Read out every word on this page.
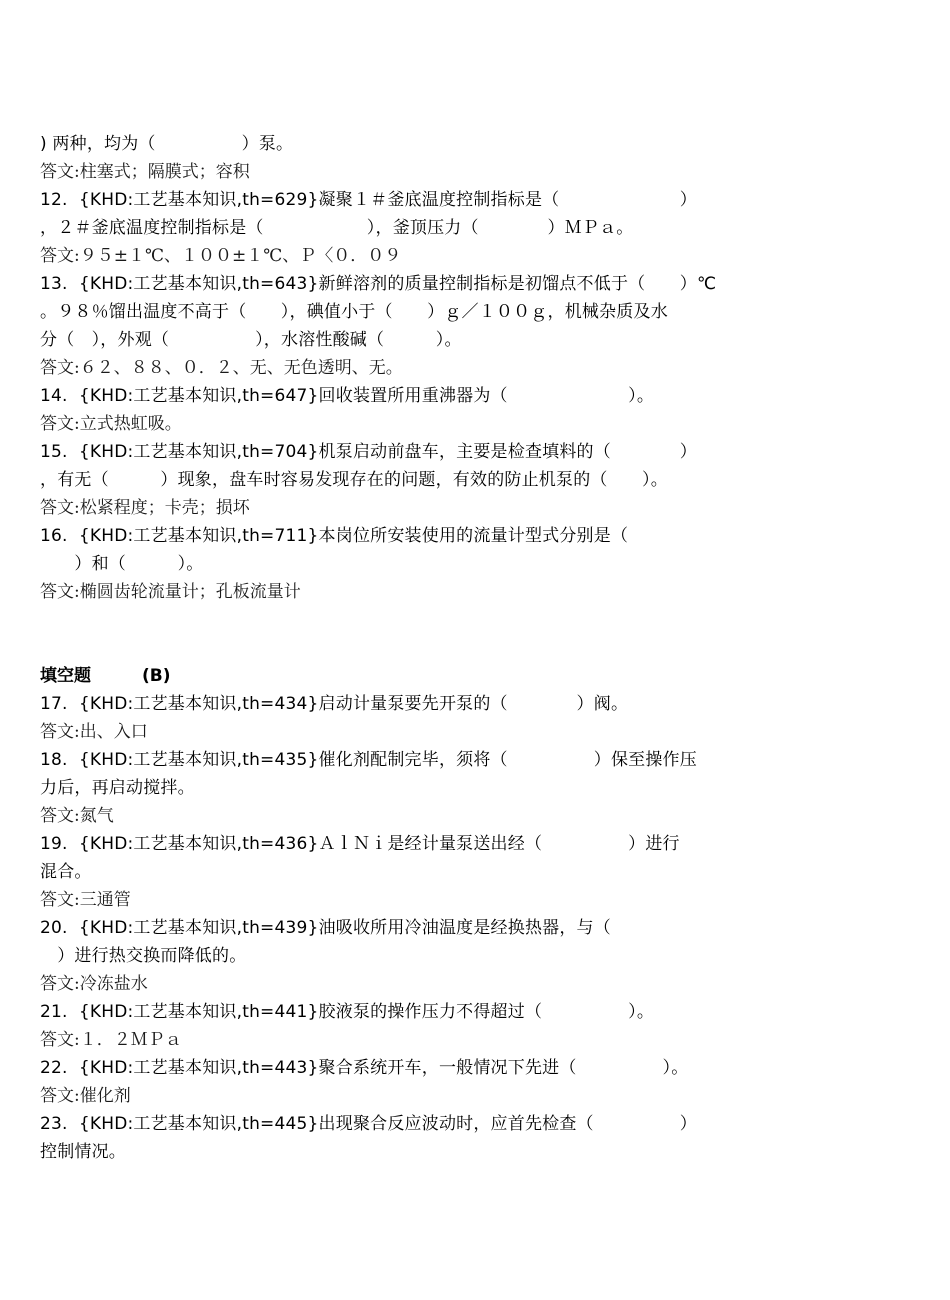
) 两种，均为（　　　　　）泵。
答文:柱塞式；隔膜式；容积
12.  {KHD:工艺基本知识,th=629}凝聚１＃釜底温度控制指标是（　　　　　　　）
，２＃釜底温度控制指标是（　　　　　　），釜顶压力（　　　　）ＭＰａ。
答文:９５±１℃、１００±１℃、Ｐ〈０．０９
13.  {KHD:工艺基本知识,th=643}新鲜溶剂的质量控制指标是初馏点不低于（　　）℃
。９８％馏出温度不高于（　　），碘值小于（　　）ｇ／１００ｇ，机械杂质及水
分（　），外观（　　　　　），水溶性酸碱（　　　）。
答文:６２、８８、０．２、无、无色透明、无。
14.  {KHD:工艺基本知识,th=647}回收装置所用重沸器为（　　　　　　　）。
答文:立式热虹吸。
15.  {KHD:工艺基本知识,th=704}机泵启动前盘车，主要是检查填料的（　　　　）
，有无（　　　）现象，盘车时容易发现存在的问题，有效的防止机泵的（　　）。
答文:松紧程度；卡壳；损坏
16.  {KHD:工艺基本知识,th=711}本岗位所安装使用的流量计型式分别是（
　　）和（　　　）。
答文:椭圆齿轮流量计；孔板流量计
填空题　　　(B)
17.  {KHD:工艺基本知识,th=434}启动计量泵要先开泵的（　　　　）阀。
答文:出、入口
18.  {KHD:工艺基本知识,th=435}催化剂配制完毕，须将（　　　　　）保至操作压
力后，再启动搅拌。
答文:氮气
19.  {KHD:工艺基本知识,th=436}ＡｌＮｉ是经计量泵送出经（　　　　　）进行
混合。
答文:三通管
20.  {KHD:工艺基本知识,th=439}油吸收所用冷油温度是经换热器，与（
　）进行热交换而降低的。
答文:冷冻盐水
21.  {KHD:工艺基本知识,th=441}胶液泵的操作压力不得超过（　　　　　）。
答文:１．２ＭＰａ
22.  {KHD:工艺基本知识,th=443}聚合系统开车，一般情况下先进（　　　　　）。
答文:催化剂
23.  {KHD:工艺基本知识,th=445}出现聚合反应波动时，应首先检查（　　　　　）
控制情况。
